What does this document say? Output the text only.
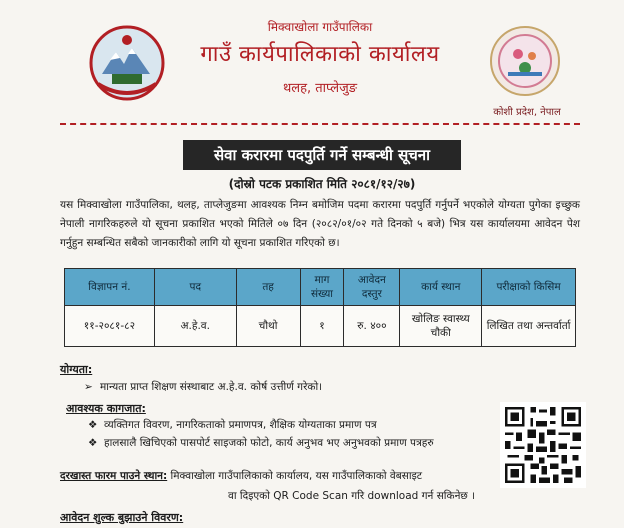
मिक्वाखोला गाउँपालिका
गाउँ कार्यपालिकाको कार्यालय
थलह, ताप्लेजुङ
कोशी प्रदेश, नेपाल
सेवा करारमा पदपुर्ति गर्ने सम्बन्धी सूचना
(दोस्रो पटक प्रकाशित मिति २०८१/१२/२७)
यस मिक्वाखोला गाउँपालिका, थलह, ताप्लेजुङमा आवश्यक निम्न बमोजिम पदमा करारमा पदपुर्ति गर्नुपर्ने भएकोले योग्यता पुगेका इच्छुक नेपाली नागरिकहरुले यो सूचना प्रकाशित भएको मितिले ०७ दिन (२०८२/०१/०२ गते दिनको ५ बजे) भित्र यस कार्यालयमा आवेदन पेश गर्नुहुन सम्बन्धित सबैको जानकारीको लागि यो सूचना प्रकाशित गरिएको छ।
विज्ञापन नं.	पद	तह	माग संख्या	आवेदन दस्तुर	कार्य स्थान	परीक्षाको किसिम
११-२०८१-८२	अ.हे.व.	चौथो	१	रु. ४००	खोलिङ स्वास्थ्य चौकी	लिखित तथा अन्तर्वार्ता
योग्यता:
➢ मान्यता प्राप्त शिक्षण संस्थाबाट अ.हे.व. कोर्ष उत्तीर्ण गरेको।
आवश्यक कागजात:
❖ व्यक्तिगत विवरण, नागरिकताको प्रमाणपत्र, शैक्षिक योग्यताका प्रमाण पत्र
❖ हालसालै खिचिएको पासपोर्ट साइजको फोटो, कार्य अनुभव भए अनुभवको प्रमाण पत्रहरु
दरखास्त फारम पाउने स्थान: मिक्वाखोला गाउँपालिकाको कार्यालय, यस गाउँपालिकाको वेबसाइट
वा दिइएको QR Code Scan गरि download गर्न सकिनेछ ।
आवेदन शुल्क बुझाउने विवरण:
